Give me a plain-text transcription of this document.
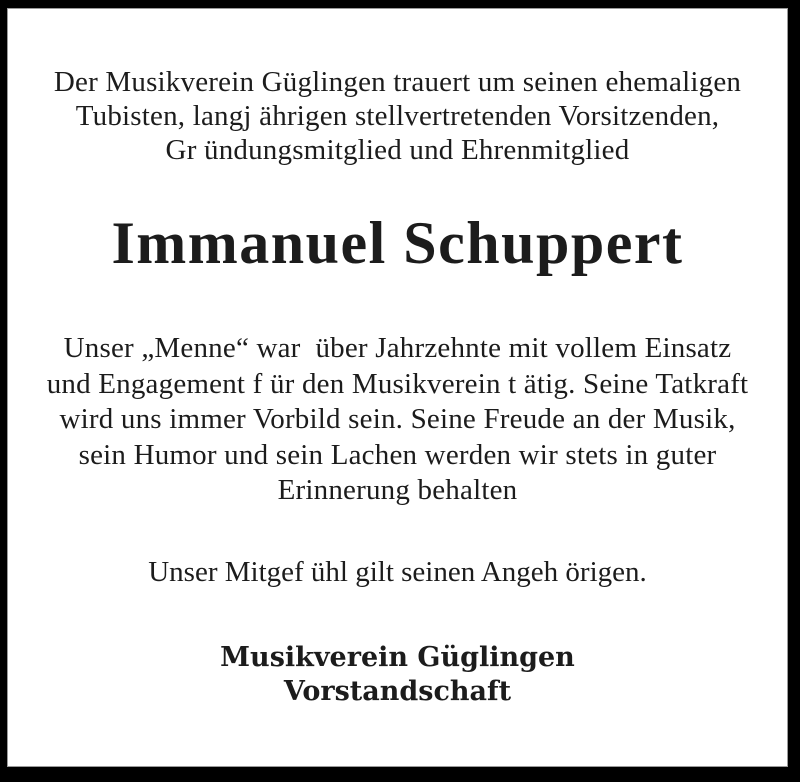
Der Musikverein Güglingen trauert um seinen ehemaligen
Tubisten, langj ährigen stellvertretenden Vorsitzenden,
Gr ündungsmitglied und Ehrenmitglied

Immanuel Schuppert

Unser „Menne“ war  über Jahrzehnte mit vollem Einsatz
und Engagement f ür den Musikverein t ätig. Seine Tatkraft
wird uns immer Vorbild sein. Seine Freude an der Musik,
sein Humor und sein Lachen werden wir stets in guter
Erinnerung behalten

Unser Mitgef ühl gilt seinen Angeh örigen.

Musikverein Güglingen
Vorstandschaft
